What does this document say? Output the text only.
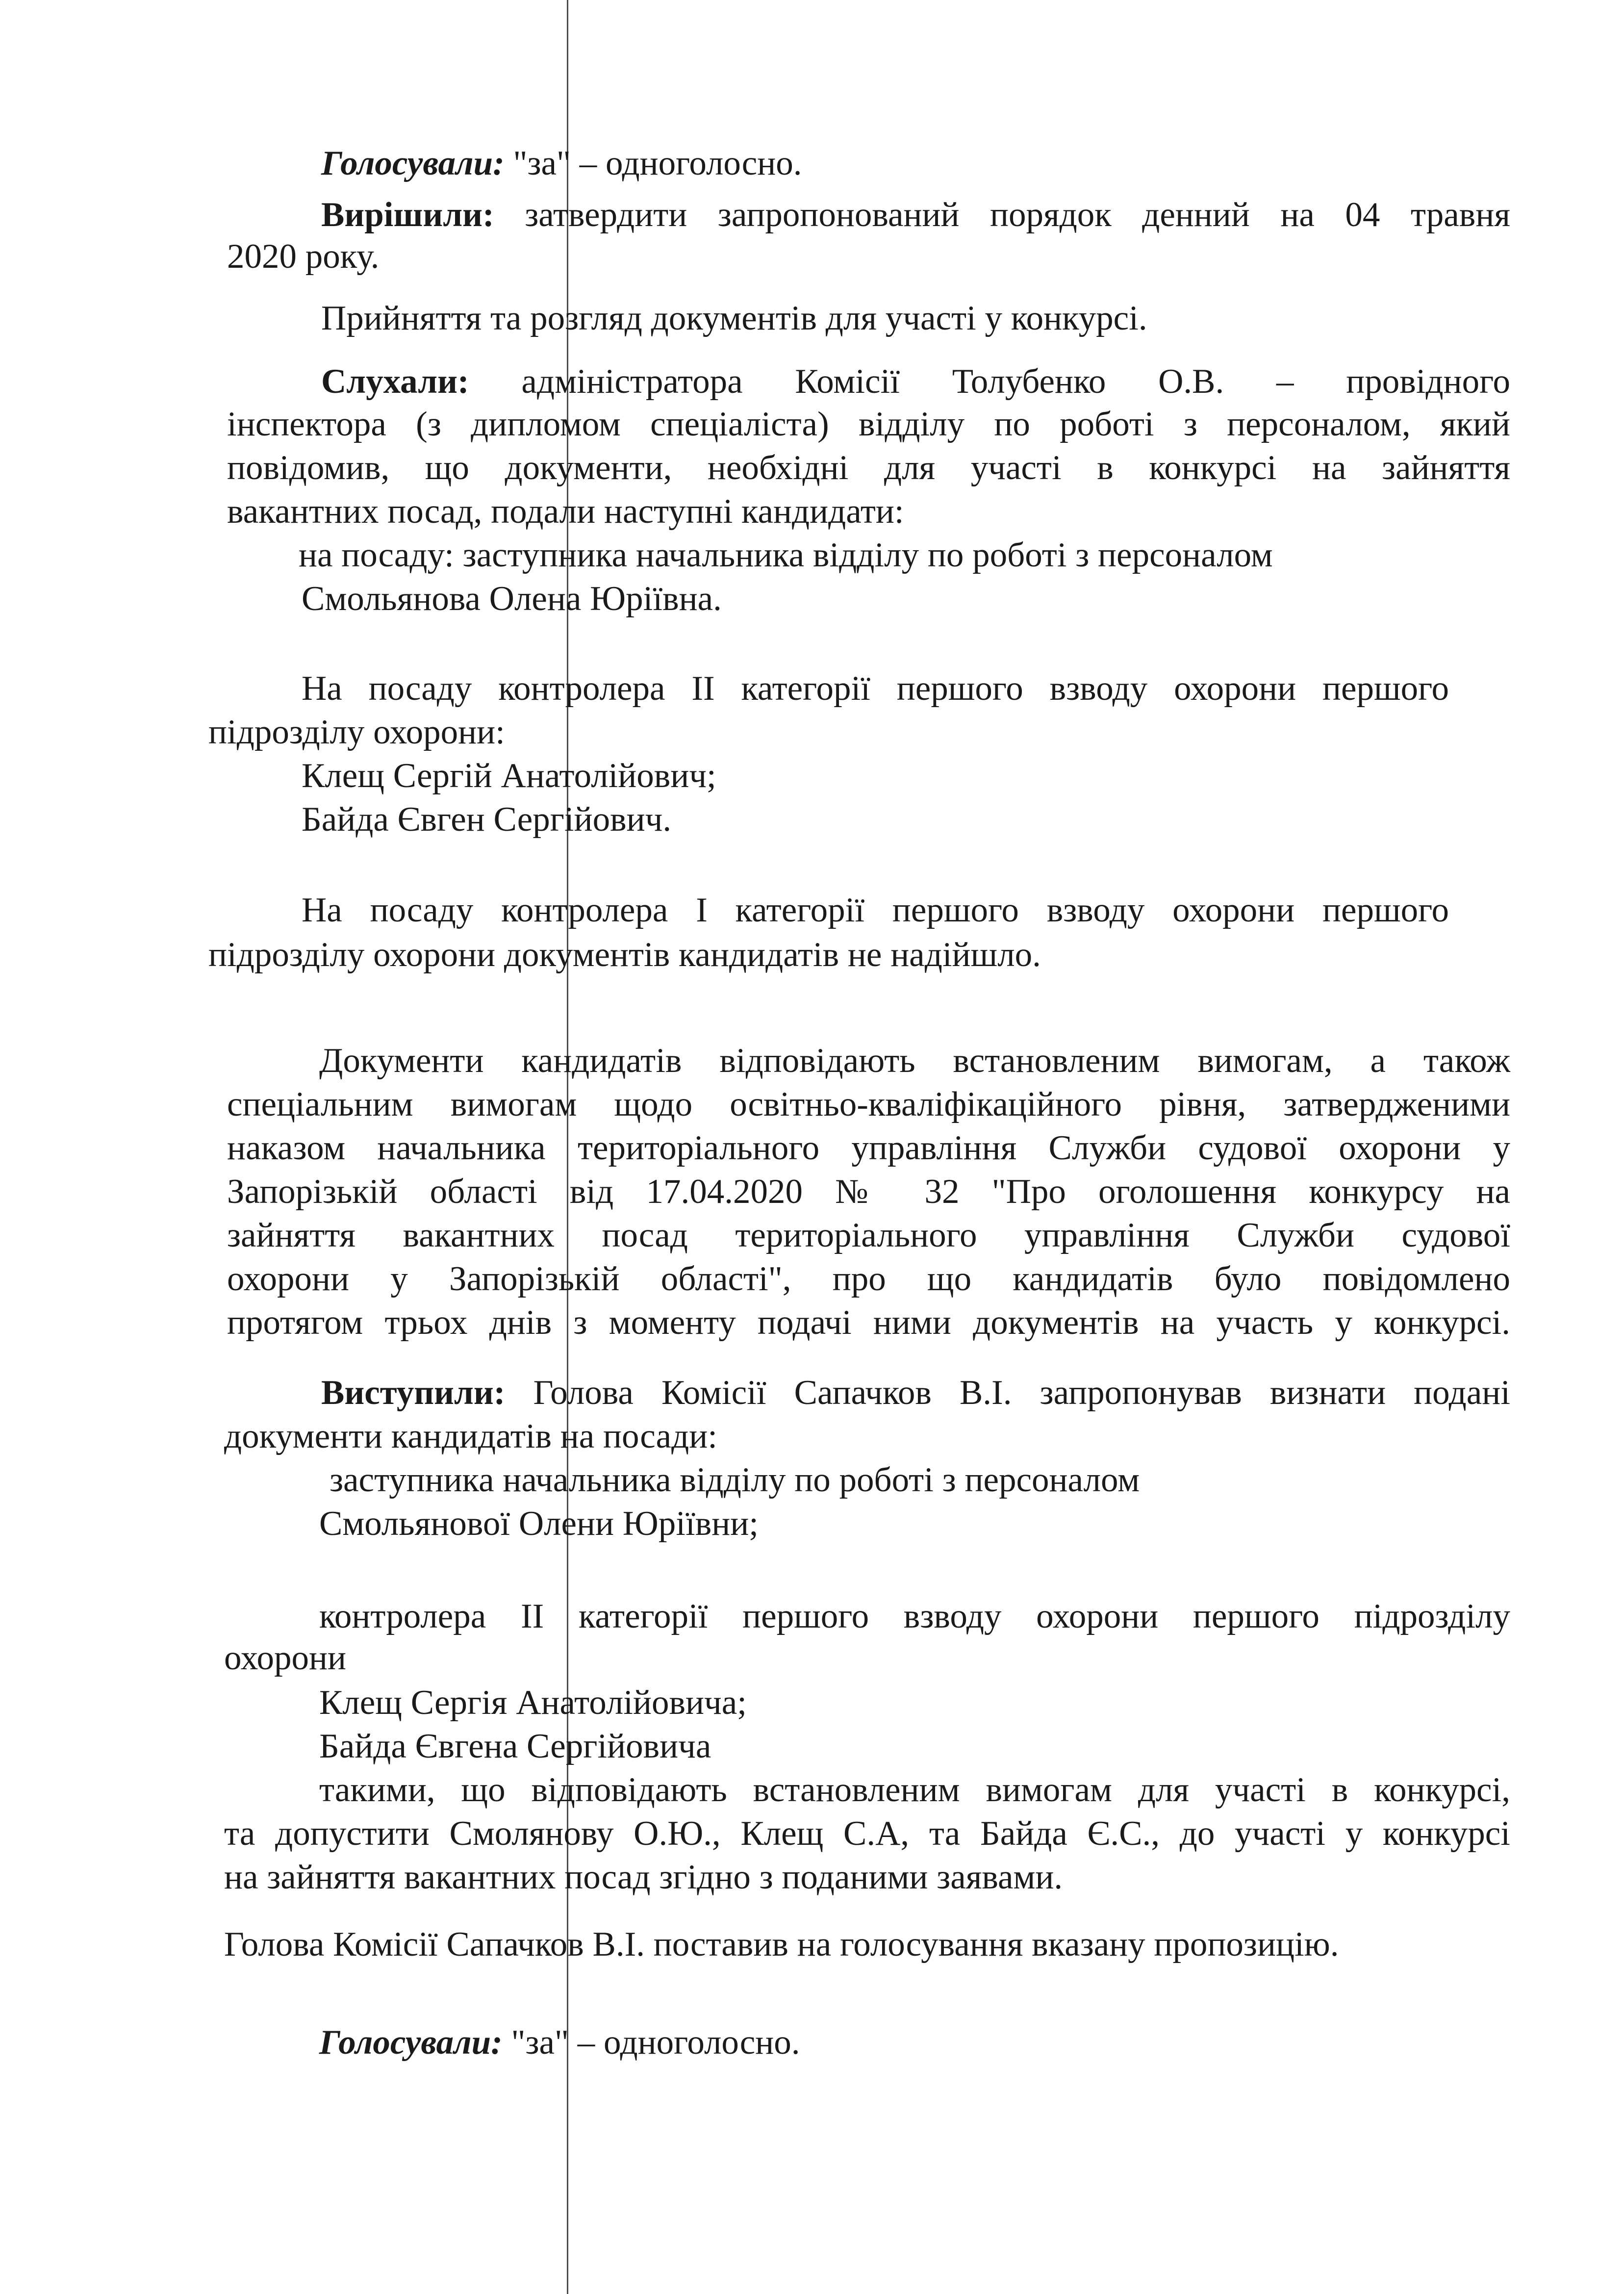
Голосували: "за" – одноголосно.
Вирішили: затвердити запропонований порядок денний на 04 травня
2020 року.
Прийняття та розгляд документів для участі у конкурсі.
Слухали: адміністратора Комісії Толубенко О.В. – провідного
інспектора (з дипломом спеціаліста) відділу по роботі з персоналом, який
повідомив, що документи, необхідні для участі в конкурсі на зайняття
вакантних посад, подали наступні кандидати:
на посаду: заступника начальника відділу по роботі з персоналом
Смольянова Олена Юріївна.
На посаду контролера ІІ категорії першого взводу охорони першого
підрозділу охорони:
Клещ Сергій Анатолійович;
Байда Євген Сергійович.
На посаду контролера І категорії першого взводу охорони першого
підрозділу охорони документів кандидатів не надійшло.
Документи кандидатів відповідають встановленим вимогам, а також
спеціальним вимогам щодо освітньо-кваліфікаційного рівня, затвердженими
наказом начальника територіального управління Служби судової охорони у
Запорізькій області від 17.04.2020 № 32 "Про оголошення конкурсу на
зайняття вакантних посад територіального управління Служби судової
охорони у Запорізькій області", про що кандидатів було повідомлено
протягом трьох днів з моменту подачі ними документів на участь у конкурсі.
Виступили: Голова Комісії Сапачков В.І. запропонував визнати подані
документи кандидатів на посади:
заступника начальника відділу по роботі з персоналом
Смольянової Олени Юріївни;
контролера ІІ категорії першого взводу охорони першого підрозділу
охорони
Клещ Сергія Анатолійовича;
Байда Євгена Сергійовича
такими, що відповідають встановленим вимогам для участі в конкурсі,
та допустити Смолянову О.Ю., Клещ С.А, та Байда Є.С., до участі у конкурсі
на зайняття вакантних посад згідно з поданими заявами.
Голова Комісії Сапачков В.І. поставив на голосування вказану пропозицію.
Голосували: "за" – одноголосно.
